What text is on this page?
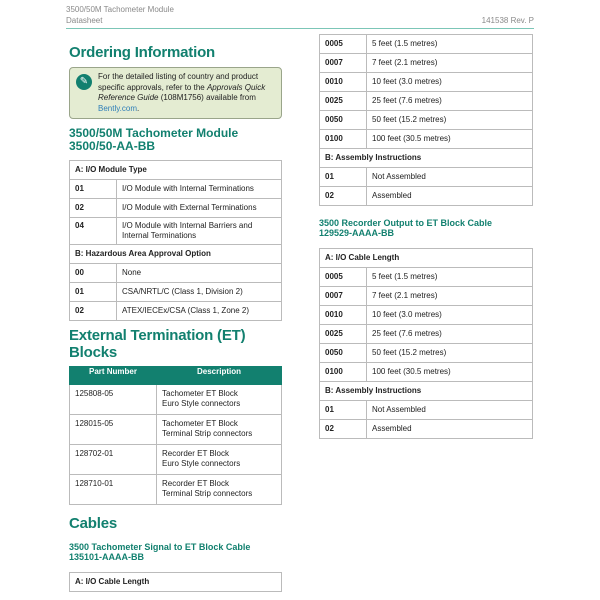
3500/50M Tachometer Module
Datasheet	141538 Rev. P
Ordering Information
✎	For the detailed listing of country and product specific approvals, refer to the Approvals Quick Reference Guide (108M1756) available from Bently.com.
3500/50M Tachometer Module
3500/50-AA-BB
A: I/O Module Type	
01	I/O Module with Internal Terminations
02	I/O Module with External Terminations
04	I/O Module with Internal Barriers and Internal Terminations
B: Hazardous Area Approval Option	
00	None
01	CSA/NRTL/C (Class 1, Division 2)
02	ATEX/IECEx/CSA (Class 1, Zone 2)
External Termination (ET) Blocks
Part Number	Description
125808-05	Tachometer ET Block
Euro Style connectors
128015-05	Tachometer ET Block
Terminal Strip connectors
128702-01	Recorder ET Block
Euro Style connectors
128710-01	Recorder ET Block
Terminal Strip connectors
Cables
3500 Tachometer Signal to ET Block Cable
135101-AAAA-BB
A: I/O Cable Length
0005	5 feet (1.5 metres)
0007	7 feet (2.1 metres)
0010	10 feet (3.0 metres)
0025	25 feet (7.6 metres)
0050	50 feet (15.2 metres)
0100	100 feet (30.5 metres)
B: Assembly Instructions	
01	Not Assembled
02	Assembled
3500 Recorder Output to ET Block Cable
129529-AAAA-BB
A: I/O Cable Length	
0005	5 feet (1.5 metres)
0007	7 feet (2.1 metres)
0010	10 feet (3.0 metres)
0025	25 feet (7.6 metres)
0050	50 feet (15.2 metres)
0100	100 feet (30.5 metres)
B: Assembly Instructions	
01	Not Assembled
02	Assembled
